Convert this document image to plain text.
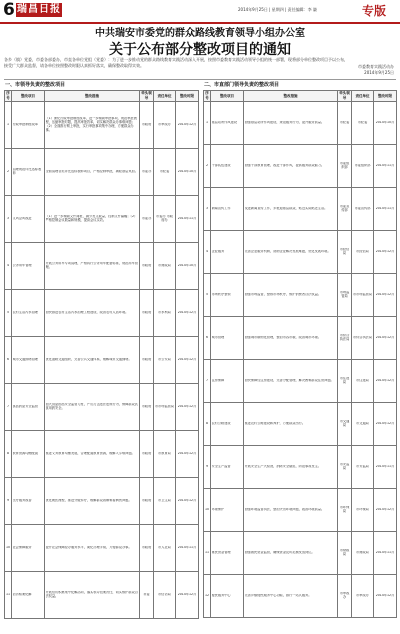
6 瑞昌日报	2014年9月25日 | 星期四 | 责任编辑：李 谦	专版
中共瑞安市委党的群众路线教育领导小组办公室
关于公布部分整改项目的通知
各乡（镇）党委，市委各部委办，市直各单位党组（党委）：为了进一步推动党的群众路线教育实践活动深入开展，按照市委教育实践活动领导小组的统一部署，现将部分单位整改项目予以公布，接受广大群众监督，请各单位按照整改时限认真抓好落实，确保整改取得实效。	市委教育实践活动办
2014年9月25日
一、市领导负责的整改项目
序号	整改项目	整改措施	牵头领导	责任单位	整改时限

1	行政审批制度改革	（1）深化行政审批制度改革，进一步精简审批事项，规范审批流程，压缩审批时限，提高审批效率，切实解决群众办事难问题；（2）全面推行网上审批，实行审批事项集中办理，方便群众办事。	市政府	市审改办	2014年12月

2	清理规范评比达标表彰	全面清理各类评比达标表彰项目，严格控制审批，减轻基层负担。	市委办	市纪委	2014年10月

3	文风会风改进	（1）进一步精简文件简报，减少发文数量，控制文件篇幅；（2）严格控制会议数量和规模，提高会议实效。	市委办	市委办 市政府办	2014年11月

4	公务用车管理	开展公务用车专项清理，严格执行公务用车配备标准，规范用车管理。	市政府	市财政局	2014年10月

5	农村生活污水治理	加快推进农村生活污水治理工程建设，改善农村人居环境。	市政府	市水利局	2014年12月

6	城市交通拥堵治理	优化道路交通组织，完善公共交通体系，缓解城市交通拥堵。	市政府	市公安局	2014年12月

7	食品药品安全监管	加大食品药品安全监管力度，严厉打击违法违规行为，保障群众饮食用药安全。	市政府	市市场监管局	2014年12月

8	教育资源均衡配置	推进义务教育均衡发展，合理配置教育资源，缓解入学难问题。	市政府	市教育局	2014年12月

9	医疗服务改善	优化就医流程，推进分级诊疗，缓解群众看病难看病贵问题。	市政府	市卫生局	2014年12月

10	社会保障服务	提升社会保障经办服务水平，简化办理手续，方便群众办事。	市政府	市人社局	2014年11月

11	信访积案化解	开展信访积案集中化解活动，落实领导包案责任，切实维护群众合法权益。	市委	市信访局	2014年12月
二、市直部门领导负责的整改项目
序号	整改项目	整改措施	牵头领导	责任单位	整改时限

1	基层站所作风建设	加强基层站所作风建设，规范服务行为，提升服务质量。	市纪委	市纪委	2014年10月

2	干部队伍建设	加强干部教育管理，改进干部作风，提高服务群众能力。	市委组织部	市委组织部	2014年11月

3	新闻宣传工作	改进新闻宣传工作，多报道基层群众，贴近实际贴近生活。	市委宣传部	市委宣传部	2014年11月

4	企业服务	完善企业服务机制，帮助企业解决发展难题，优化发展环境。	市经信局	市经信局	2014年12月

5	市场秩序整顿	加强市场监管，整顿市场秩序，维护消费者合法权益。	市场监管局	市市场监管局	2014年12月

6	城市管理	加强城市精细化管理，整治市容市貌，改善城市环境。	市综合执法局	市综合执法局	2014年12月

7	住房保障	加快保障性住房建设，完善分配管理，解决困难群众住房问题。	市住建局	市住建局	2014年12月

8	农村公路建设	推进农村公路建设和养护，方便群众出行。	市交通局	市交通局	2014年12月

9	安全生产监管	开展安全生产大检查，消除安全隐患，防范事故发生。	市安监局	市安监局	2014年11月

10	环境保护	加强环境监管执法，整治突出环境问题，改善环境质量。	市环保局	市环保局	2014年12月

11	惠民资金管理	加强惠民资金监管，确保资金及时足额发放到位。	市财政局	市财政局	2014年11月

12	便民服务中心	完善乡镇便民服务中心功能，推行一站式服务。	市审改办	市审改办	2014年12月
